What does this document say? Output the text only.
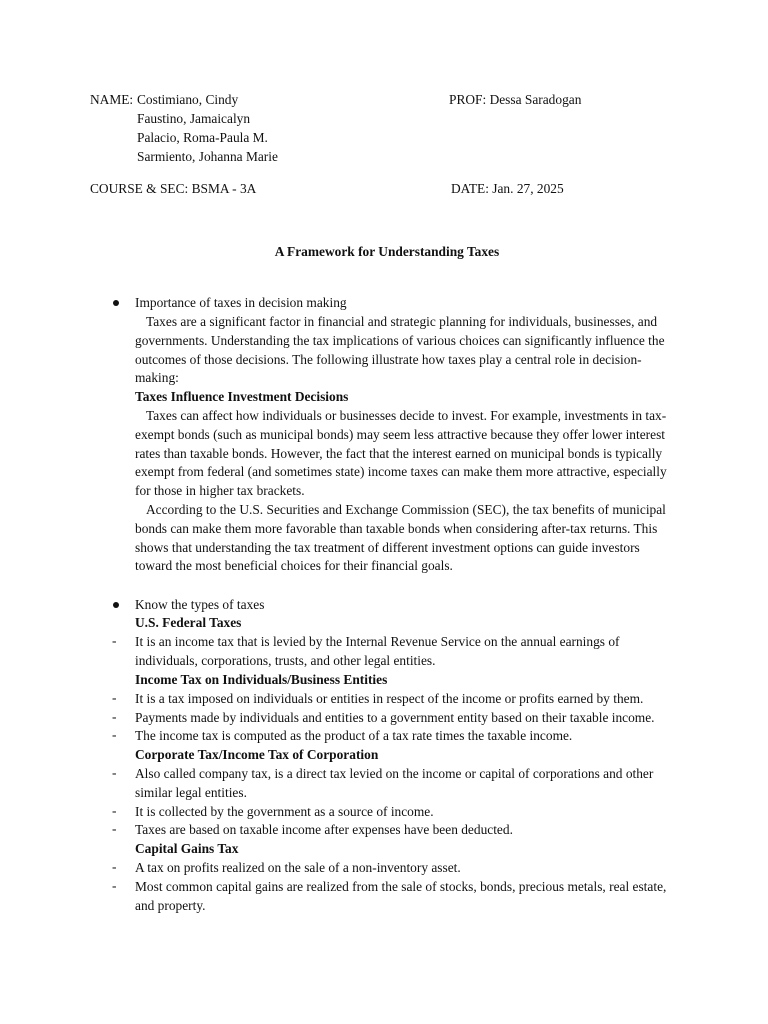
NAME: Costimiano, Cindy
Faustino, Jamaicalyn
Palacio, Roma-Paula M.
Sarmiento, Johanna Marie
PROF: Dessa Saradogan
COURSE & SEC: BSMA - 3A	DATE: Jan. 27, 2025
A Framework for Understanding Taxes
Importance of taxes in decision making
Taxes are a significant factor in financial and strategic planning for individuals, businesses, and governments. Understanding the tax implications of various choices can significantly influence the outcomes of those decisions. The following illustrate how taxes play a central role in decision-making:
Taxes Influence Investment Decisions
Taxes can affect how individuals or businesses decide to invest. For example, investments in tax-exempt bonds (such as municipal bonds) may seem less attractive because they offer lower interest rates than taxable bonds. However, the fact that the interest earned on municipal bonds is typically exempt from federal (and sometimes state) income taxes can make them more attractive, especially for those in higher tax brackets.
According to the U.S. Securities and Exchange Commission (SEC), the tax benefits of municipal bonds can make them more favorable than taxable bonds when considering after-tax returns. This shows that understanding the tax treatment of different investment options can guide investors toward the most beneficial choices for their financial goals.
Know the types of taxes
U.S. Federal Taxes
- It is an income tax that is levied by the Internal Revenue Service on the annual earnings of individuals, corporations, trusts, and other legal entities.
Income Tax on Individuals/Business Entities
- It is a tax imposed on individuals or entities in respect of the income or profits earned by them.
- Payments made by individuals and entities to a government entity based on their taxable income.
- The income tax is computed as the product of a tax rate times the taxable income.
Corporate Tax/Income Tax of Corporation
- Also called company tax, is a direct tax levied on the income or capital of corporations and other similar legal entities.
- It is collected by the government as a source of income.
- Taxes are based on taxable income after expenses have been deducted.
Capital Gains Tax
- A tax on profits realized on the sale of a non-inventory asset.
- Most common capital gains are realized from the sale of stocks, bonds, precious metals, real estate, and property.
